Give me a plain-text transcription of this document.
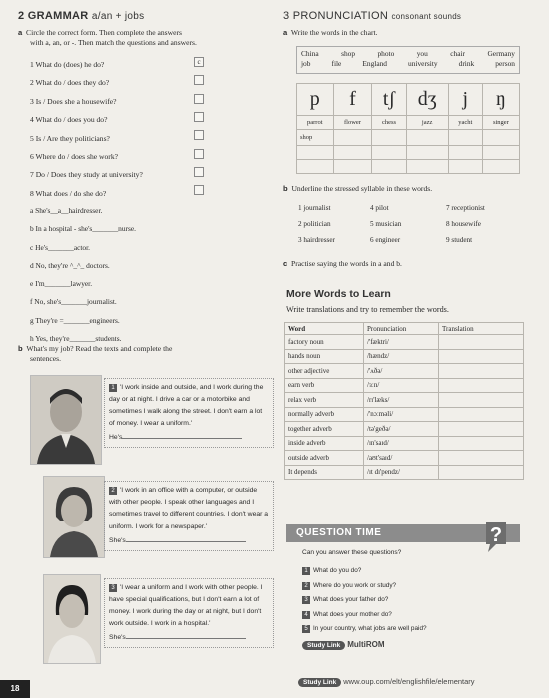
2 GRAMMAR a/an + jobs
a Circle the correct form. Then complete the answers
with a, an, or -. Then match the questions and answers.
1 What do (does) he do?
2 What do / does they do?
3 Is / Does she a housewife?
4 What do / does you do?
5 Is / Are they politicians?
6 Where do / does she work?
7 Do / Does they study at university?
8 What does / do she do?
c
a She's__a__hairdresser.
b In a hospital - she's_______nurse.
c He's_______actor.
d No, they're ^_^_ doctors.
e I'm_______lawyer.
f No, she's_______journalist.
g They're =_______engineers.
h Yes, they're_______students.
b What's my job? Read the texts and complete the
sentences.
1 'I work inside and outside, and I work during the day or at night. I drive a car or a motorbike and sometimes I walk along the street. I don't earn a lot of money. I wear a uniform.'
He's
2 'I work in an office with a computer, or outside with other people. I speak other languages and I sometimes travel to different countries. I don't wear a uniform. I work for a newspaper.'
She's
3 'I wear a uniform and I work with other people. I have special qualifications, but I don't earn a lot of money. I work during the day or at night, but I don't work outside. I work in a hospital.'
She's
18
3 PRONUNCIATION consonant sounds
a Write the words in the chart.
China	shop	photo	you	chair	Germany
job	file	England	university	drink	person
p	f	tʃ	dʒ	j	ŋ
parrot	flower	chess	jazz	yacht	singer
shop					

b Underline the stressed syllable in these words.
1 journalist	4 pilot	7 receptionist
2 politician	5 musician	8 housewife
3 hairdresser	6 engineer	9 student
c Practise saying the words in a and b.
More Words to Learn
Write translations and try to remember the words.
Word	Pronunciation	Translation
factory noun	/'fæktri/	
hands noun	/hændz/	
other adjective	/'ʌðə/	
earn verb	/ɜːn/	
relax verb	/rɪ'læks/	
normally adverb	/'nɔːməli/	
together adverb	/tə'geðə/	
inside adverb	/ɪn'saɪd/	
outside adverb	/aʊt'saɪd/	
It depends	/ɪt dɪ'pendz/	
QUESTION TIME	?
Can you answer these questions?
1 What do you do?
2 Where do you work or study?
3 What does your father do?
4 What does your mother do?
5 In your country, what jobs are well paid?
Study Link MultiROM
Study Link www.oup.com/elt/englishfile/elementary
